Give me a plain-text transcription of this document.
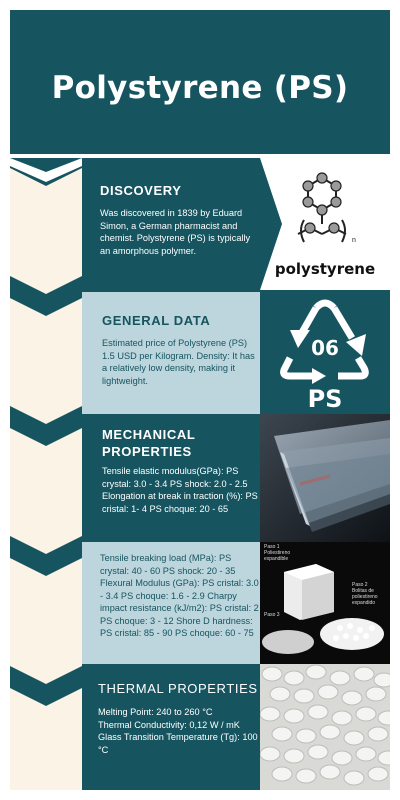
Polystyrene (PS)
DISCOVERY
Was discovered in 1839 by Eduard Simon, a German pharmacist and chemist. Polystyrene (PS) is typically an amorphous polymer.
GENERAL DATA
Estimated price of Polystyrene (PS) 1.5 USD per Kilogram. Density: It has a relatively low density, making it lightweight.
MECHANICAL
PROPERTIES
Tensile elastic modulus(GPa): PS crystal: 3.0 - 3.4 PS shock: 2.0 - 2.5 Elongation at break in traction (%): PS cristal: 1- 4 PS choque: 20 - 65
Tensile breaking load (MPa): PS crystal: 40 - 60 PS shock: 20 - 35 Flexural Modulus (GPa): PS cristal: 3.0 - 3.4 PS choque: 1.6 - 2.9 Charpy impact resistance (kJ/m2): PS cristal: 2 PS choque: 3 - 12 Shore D hardness: PS cristal: 85 - 90 PS choque: 60 - 75
THERMAL PROPERTIES
Melting Point: 240 to 260 °C
Thermal Conductivity: 0,12 W / mK
Glass Transition Temperature (Tg): 100 °C
n
polystyrene
06
PS
Paso 1
Poliestireno
expandible
Paso 2
Bolitas de poliestireno
expandido
Paso 3
